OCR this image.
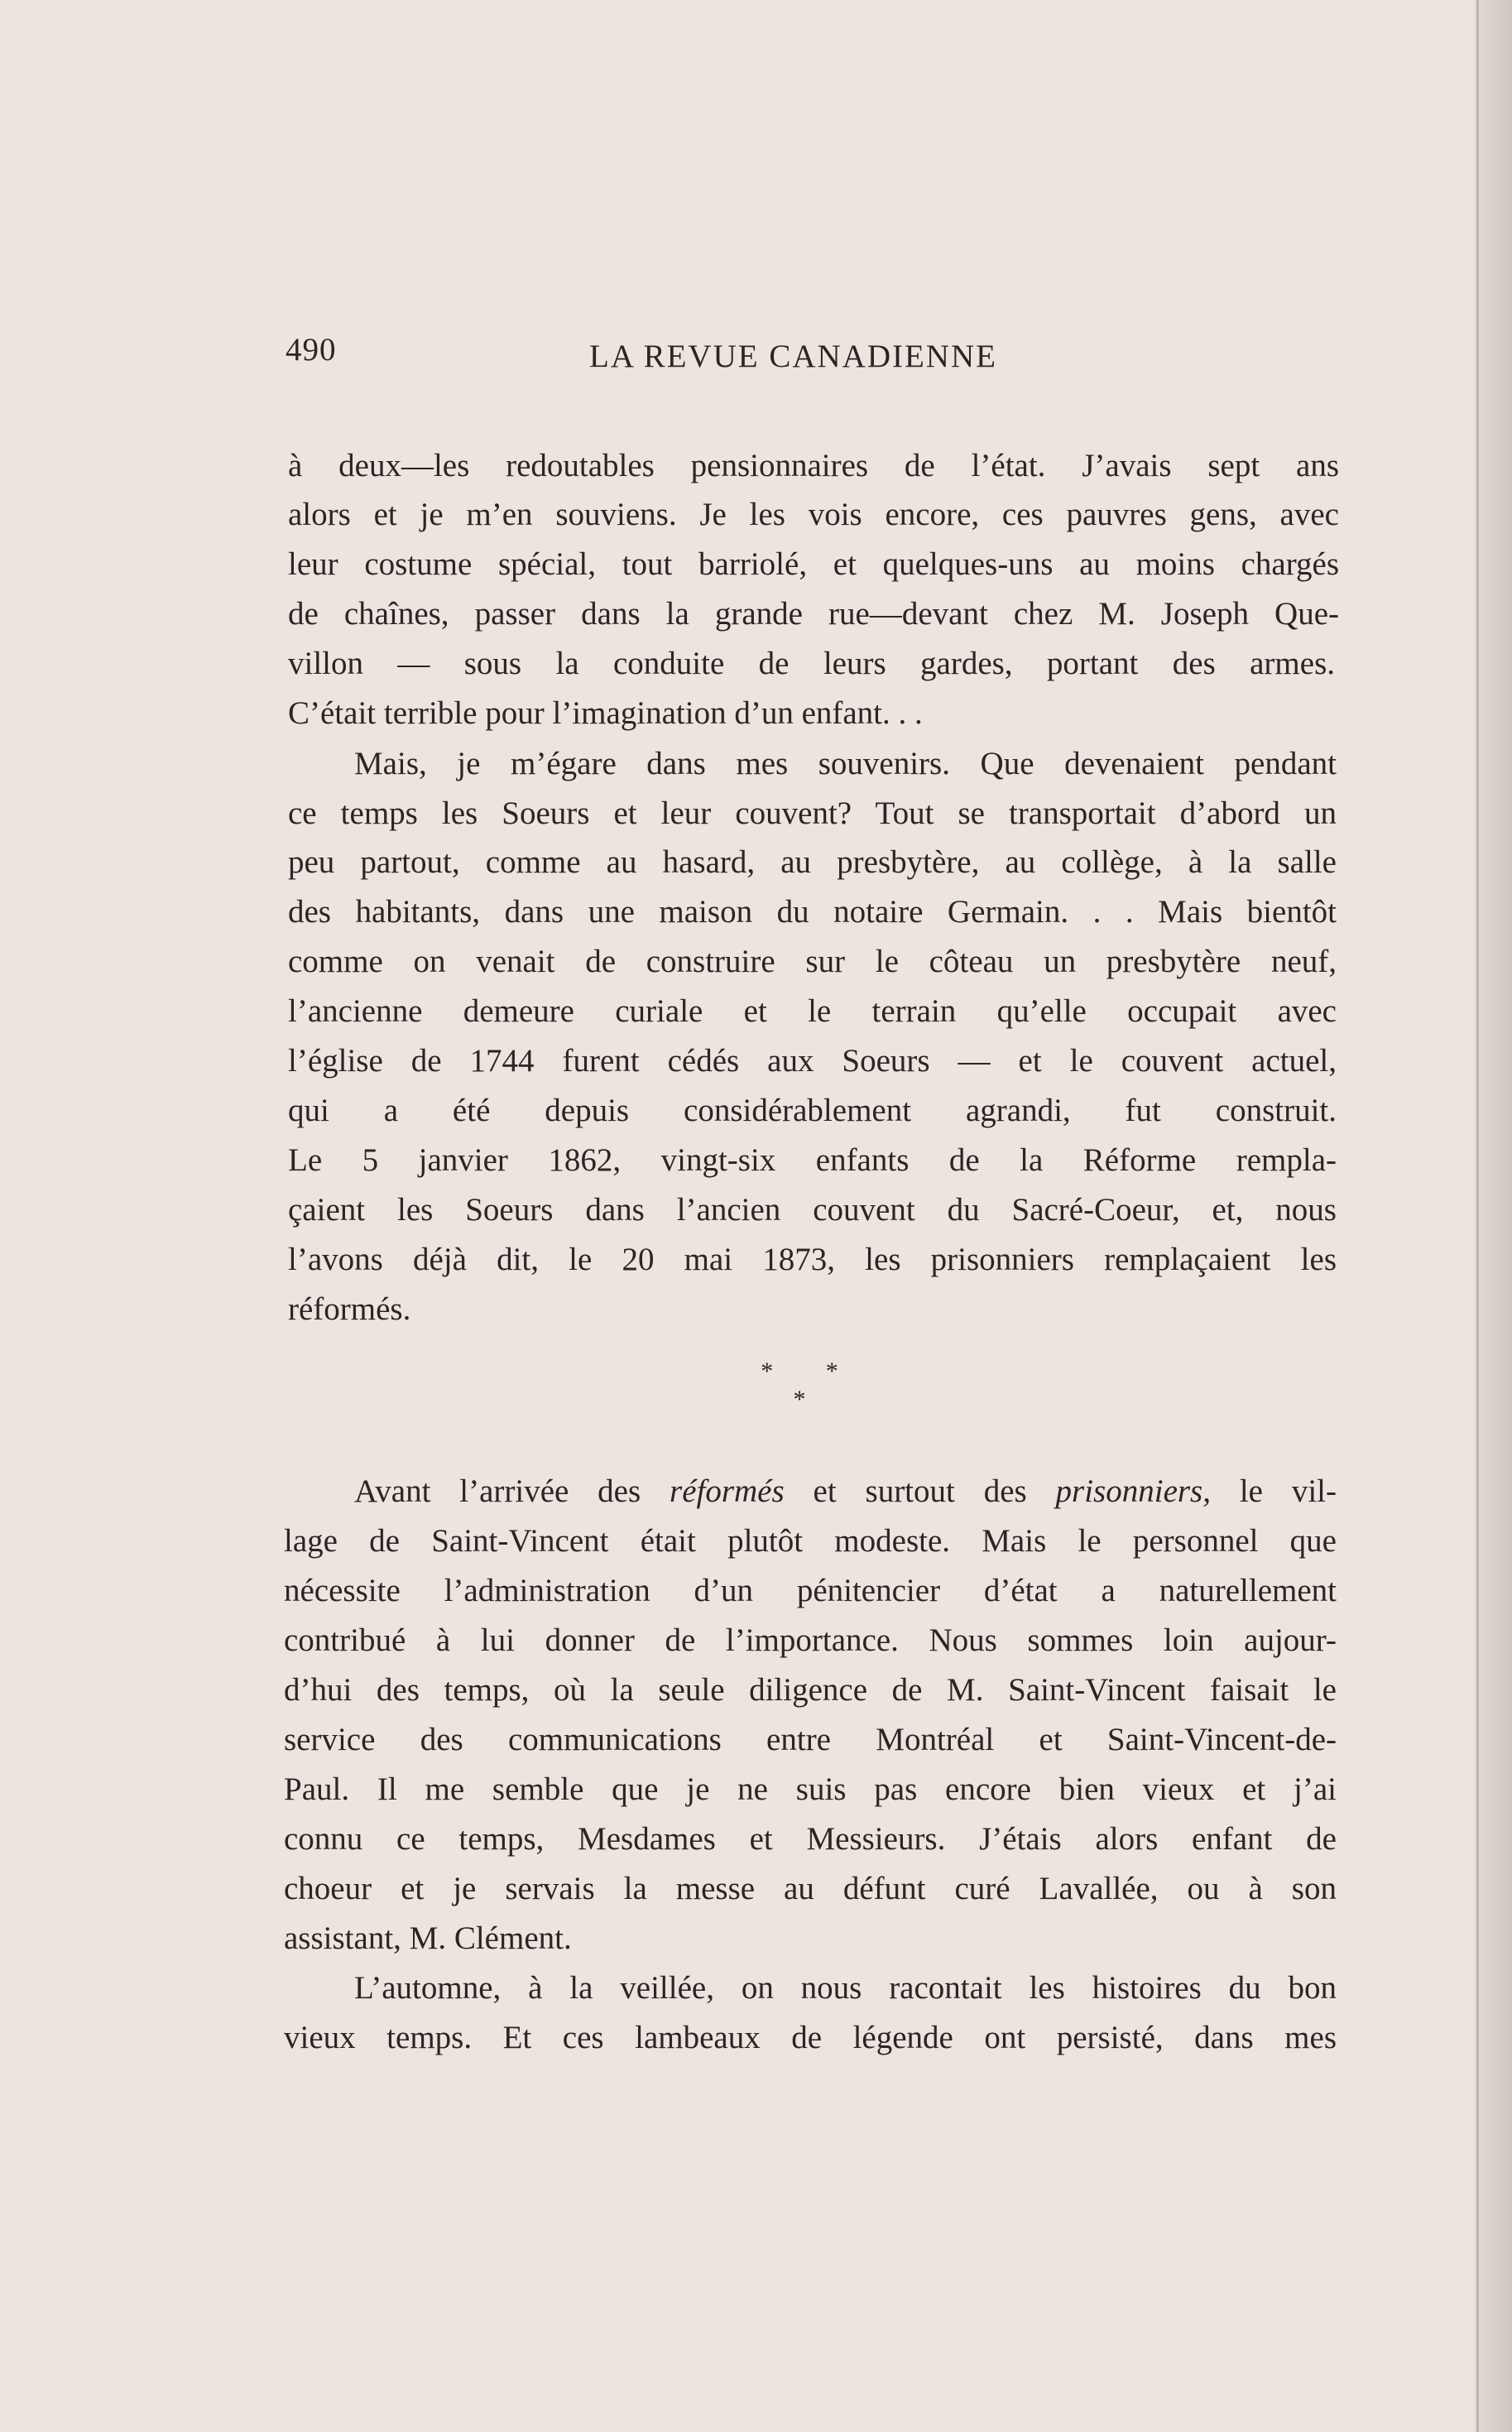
490	LA REVUE CANADIENNE
à deux—les redoutables pensionnaires de l’état. J’avais sept ans
alors et je m’en souviens. Je les vois encore, ces pauvres gens, avec
leur costume spécial, tout barriolé, et quelques-uns au moins chargés
de chaînes, passer dans la grande rue—devant chez M. Joseph Que-
villon — sous la conduite de leurs gardes, portant des armes.
C’était terrible pour l’imagination d’un enfant. . .
Mais, je m’égare dans mes souvenirs. Que devenaient pendant
ce temps les Soeurs et leur couvent? Tout se transportait d’abord un
peu partout, comme au hasard, au presbytère, au collège, à la salle
des habitants, dans une maison du notaire Germain. . . Mais bientôt
comme on venait de construire sur le côteau un presbytère neuf,
l’ancienne demeure curiale et le terrain qu’elle occupait avec
l’église de 1744 furent cédés aux Soeurs — et le couvent actuel,
qui a été depuis considérablement agrandi, fut construit.
Le 5 janvier 1862, vingt-six enfants de la Réforme rempla-
çaient les Soeurs dans l’ancien couvent du Sacré-Coeur, et, nous
l’avons déjà dit, le 20 mai 1873, les prisonniers remplaçaient les
réformés.
* * *
Avant l’arrivée des réformés et surtout des prisonniers, le vil-
lage de Saint-Vincent était plutôt modeste. Mais le personnel que
nécessite l’administration d’un pénitencier d’état a naturellement
contribué à lui donner de l’importance. Nous sommes loin aujour-
d’hui des temps, où la seule diligence de M. Saint-Vincent faisait le
service des communications entre Montréal et Saint-Vincent-de-
Paul. Il me semble que je ne suis pas encore bien vieux et j’ai
connu ce temps, Mesdames et Messieurs. J’étais alors enfant de
choeur et je servais la messe au défunt curé Lavallée, ou à son
assistant, M. Clément.
L’automne, à la veillée, on nous racontait les histoires du bon
vieux temps. Et ces lambeaux de légende ont persisté, dans mes
